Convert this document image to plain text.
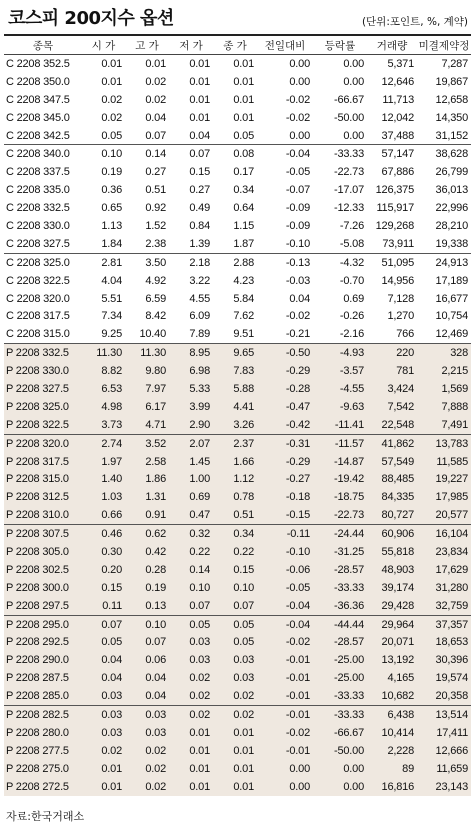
코스피 200지수 옵션	(단위:포인트, %, 계약)
종목	시 가	고 가	저 가	종 가	전일대비	등락률	거래량	미결제약정
C 2208 352.5	0.01	0.01	0.01	0.01	0.00	0.00	5,371	7,287
C 2208 350.0	0.01	0.02	0.01	0.01	0.00	0.00	12,646	19,867
C 2208 347.5	0.02	0.02	0.01	0.01	-0.02	-66.67	11,713	12,658
C 2208 345.0	0.02	0.04	0.01	0.01	-0.02	-50.00	12,042	14,350
C 2208 342.5	0.05	0.07	0.04	0.05	0.00	0.00	37,488	31,152
C 2208 340.0	0.10	0.14	0.07	0.08	-0.04	-33.33	57,147	38,628
C 2208 337.5	0.19	0.27	0.15	0.17	-0.05	-22.73	67,886	26,799
C 2208 335.0	0.36	0.51	0.27	0.34	-0.07	-17.07	126,375	36,013
C 2208 332.5	0.65	0.92	0.49	0.64	-0.09	-12.33	115,917	22,996
C 2208 330.0	1.13	1.52	0.84	1.15	-0.09	-7.26	129,268	28,210
C 2208 327.5	1.84	2.38	1.39	1.87	-0.10	-5.08	73,911	19,338
C 2208 325.0	2.81	3.50	2.18	2.88	-0.13	-4.32	51,095	24,913
C 2208 322.5	4.04	4.92	3.22	4.23	-0.03	-0.70	14,956	17,189
C 2208 320.0	5.51	6.59	4.55	5.84	0.04	0.69	7,128	16,677
C 2208 317.5	7.34	8.42	6.09	7.62	-0.02	-0.26	1,270	10,754
C 2208 315.0	9.25	10.40	7.89	9.51	-0.21	-2.16	766	12,469
P 2208 332.5	11.30	11.30	8.95	9.65	-0.50	-4.93	220	328
P 2208 330.0	8.82	9.80	6.98	7.83	-0.29	-3.57	781	2,215
P 2208 327.5	6.53	7.97	5.33	5.88	-0.28	-4.55	3,424	1,569
P 2208 325.0	4.98	6.17	3.99	4.41	-0.47	-9.63	7,542	7,888
P 2208 322.5	3.73	4.71	2.90	3.26	-0.42	-11.41	22,548	7,491
P 2208 320.0	2.74	3.52	2.07	2.37	-0.31	-11.57	41,862	13,783
P 2208 317.5	1.97	2.58	1.45	1.66	-0.29	-14.87	57,549	11,585
P 2208 315.0	1.40	1.86	1.00	1.12	-0.27	-19.42	88,485	19,227
P 2208 312.5	1.03	1.31	0.69	0.78	-0.18	-18.75	84,335	17,985
P 2208 310.0	0.66	0.91	0.47	0.51	-0.15	-22.73	80,727	20,577
P 2208 307.5	0.46	0.62	0.32	0.34	-0.11	-24.44	60,906	16,104
P 2208 305.0	0.30	0.42	0.22	0.22	-0.10	-31.25	55,818	23,834
P 2208 302.5	0.20	0.28	0.14	0.15	-0.06	-28.57	48,903	17,629
P 2208 300.0	0.15	0.19	0.10	0.10	-0.05	-33.33	39,174	31,280
P 2208 297.5	0.11	0.13	0.07	0.07	-0.04	-36.36	29,428	32,759
P 2208 295.0	0.07	0.10	0.05	0.05	-0.04	-44.44	29,964	37,357
P 2208 292.5	0.05	0.07	0.03	0.05	-0.02	-28.57	20,071	18,653
P 2208 290.0	0.04	0.06	0.03	0.03	-0.01	-25.00	13,192	30,396
P 2208 287.5	0.04	0.04	0.02	0.03	-0.01	-25.00	4,165	19,574
P 2208 285.0	0.03	0.04	0.02	0.02	-0.01	-33.33	10,682	20,358
P 2208 282.5	0.03	0.03	0.02	0.02	-0.01	-33.33	6,438	13,514
P 2208 280.0	0.03	0.03	0.01	0.01	-0.02	-66.67	10,414	17,411
P 2208 277.5	0.02	0.02	0.01	0.01	-0.01	-50.00	2,228	12,666
P 2208 275.0	0.01	0.02	0.01	0.01	0.00	0.00	89	11,659
P 2208 272.5	0.01	0.02	0.01	0.01	0.00	0.00	16,816	23,143
자료:한국거래소
